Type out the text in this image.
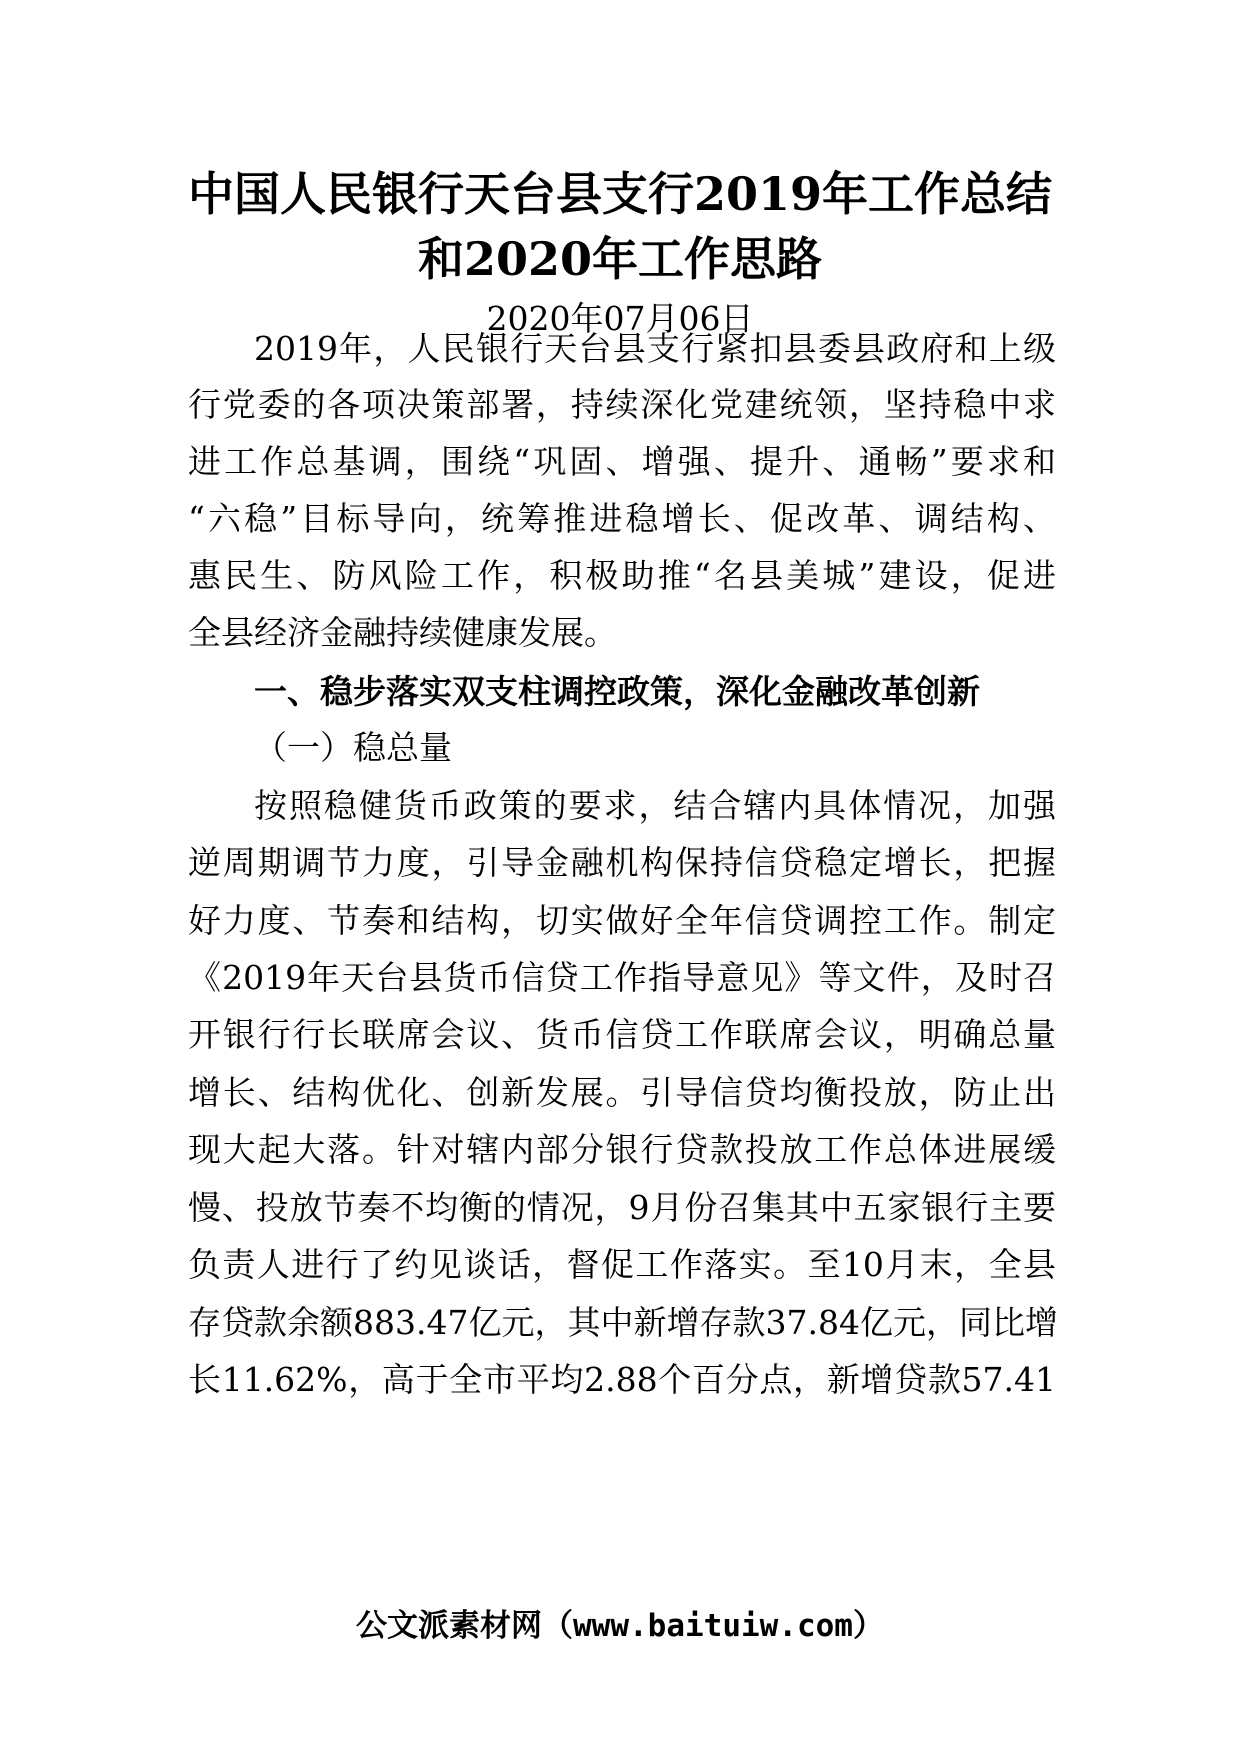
中国人民银行天台县支行2019年工作总结
和2020年工作思路
2020年07月06日
2019年，人民银行天台县支行紧扣县委县政府和上级
行党委的各项决策部署，持续深化党建统领，坚持稳中求
进工作总基调，围绕“巩固、增强、提升、通畅”要求和
“六稳”目标导向，统筹推进稳增长、促改革、调结构、
惠民生、防风险工作，积极助推“名县美城”建设，促进
全县经济金融持续健康发展。
一、稳步落实双支柱调控政策，深化金融改革创新
（一）稳总量
按照稳健货币政策的要求，结合辖内具体情况，加强
逆周期调节力度，引导金融机构保持信贷稳定增长，把握
好力度、节奏和结构，切实做好全年信贷调控工作。制定
《2019年天台县货币信贷工作指导意见》等文件，及时召
开银行行长联席会议、货币信贷工作联席会议，明确总量
增长、结构优化、创新发展。引导信贷均衡投放，防止出
现大起大落。针对辖内部分银行贷款投放工作总体进展缓
慢、投放节奏不均衡的情况，9月份召集其中五家银行主要
负责人进行了约见谈话，督促工作落实。至10月末，全县
存贷款余额883.47亿元，其中新增存款37.84亿元，同比增
长11.62%，高于全市平均2.88个百分点，新增贷款57.41
公文派素材网（www.baituiw.com）
